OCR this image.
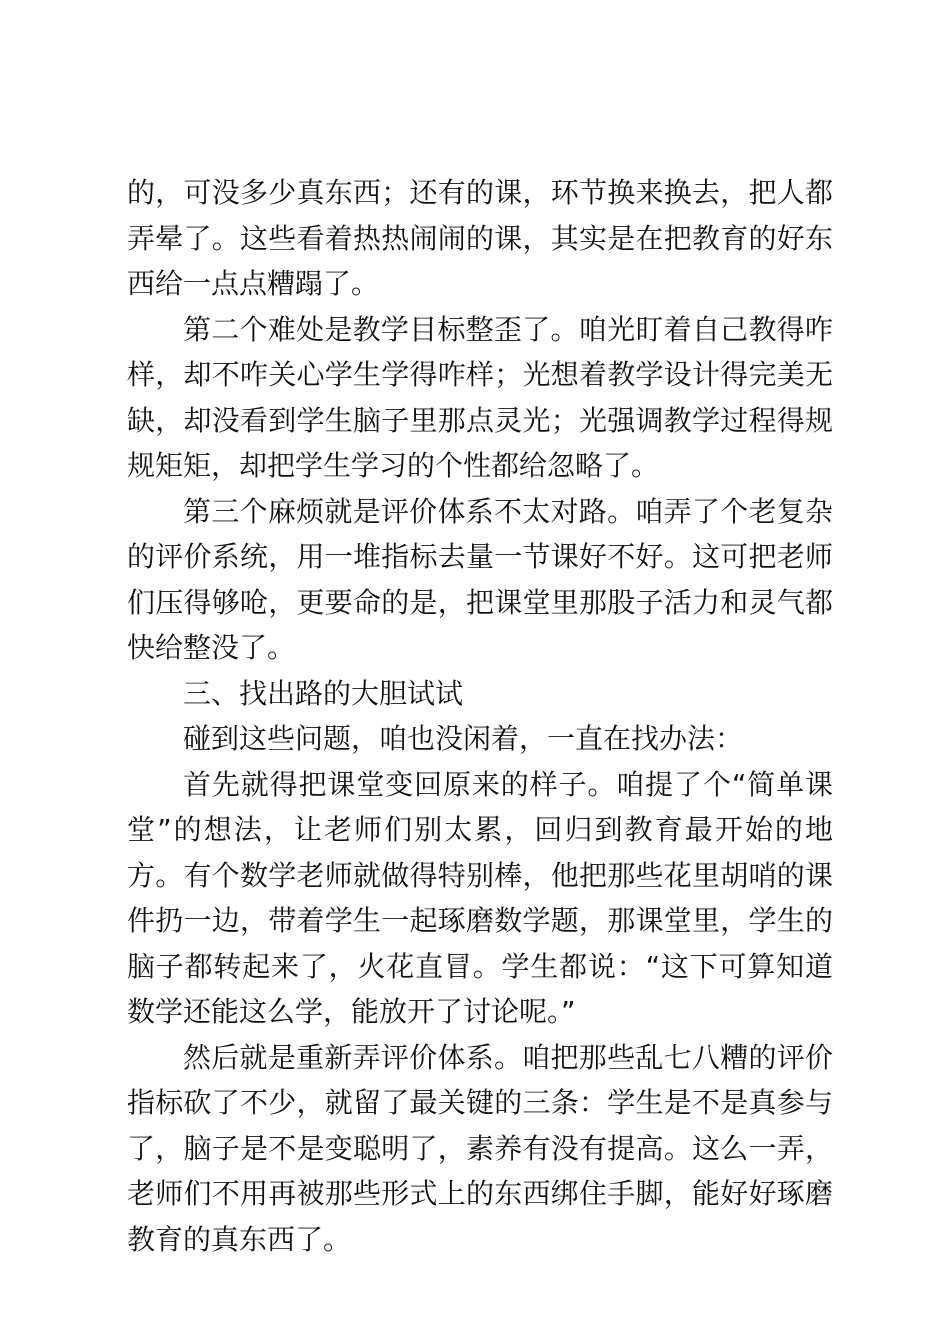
的，可没多少真东西；还有的课，环节换来换去，把人都弄晕了。这些看着热热闹闹的课，其实是在把教育的好东西给一点点糟蹋了。

第二个难处是教学目标整歪了。咱光盯着自己教得咋样，却不咋关心学生学得咋样；光想着教学设计得完美无缺，却没看到学生脑子里那点灵光；光强调教学过程得规规矩矩，却把学生学习的个性都给忽略了。

第三个麻烦就是评价体系不太对路。咱弄了个老复杂的评价系统，用一堆指标去量一节课好不好。这可把老师们压得够呛，更要命的是，把课堂里那股子活力和灵气都快给整没了。

三、找出路的大胆试试

碰到这些问题，咱也没闲着，一直在找办法：

首先就得把课堂变回原来的样子。咱提了个“简单课堂”的想法，让老师们别太累，回归到教育最开始的地方。有个数学老师就做得特别棒，他把那些花里胡哨的课件扔一边，带着学生一起琢磨数学题，那课堂里，学生的脑子都转起来了，火花直冒。学生都说：“这下可算知道数学还能这么学，能放开了讨论呢。”

然后就是重新弄评价体系。咱把那些乱七八糟的评价指标砍了不少，就留了最关键的三条：学生是不是真参与了，脑子是不是变聪明了，素养有没有提高。这么一弄，老师们不用再被那些形式上的东西绑住手脚，能好好琢磨教育的真东西了。
